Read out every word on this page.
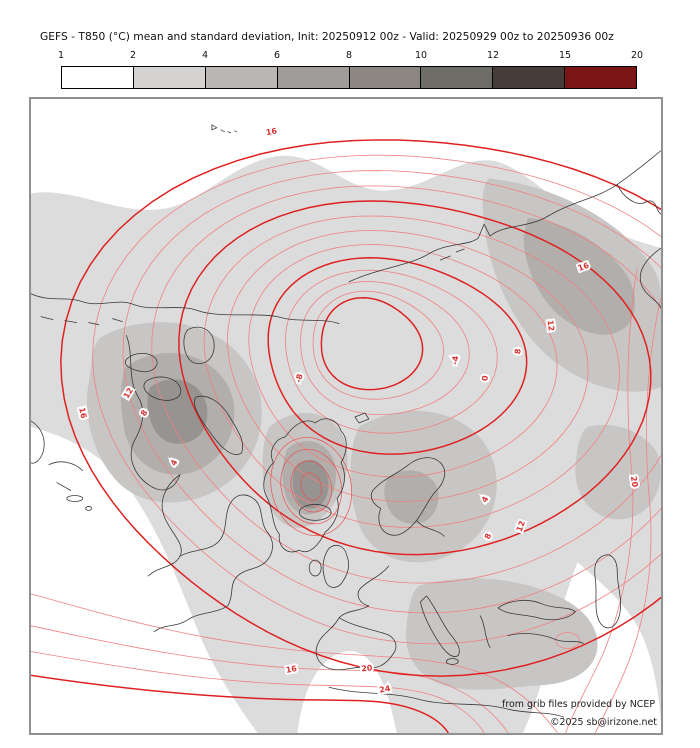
GEFS - T850 (°C) mean and standard deviation, Init: 20250912 00z - Valid: 20250929 00z to 20250936 00z
1	2	4	6	8	10	12	15	20
16
16
12
8
4
-8
-4
0
4
8
12
8
12
16
20
16	20
24
from grib files provided by NCEP
©2025 sb@irizone.net
